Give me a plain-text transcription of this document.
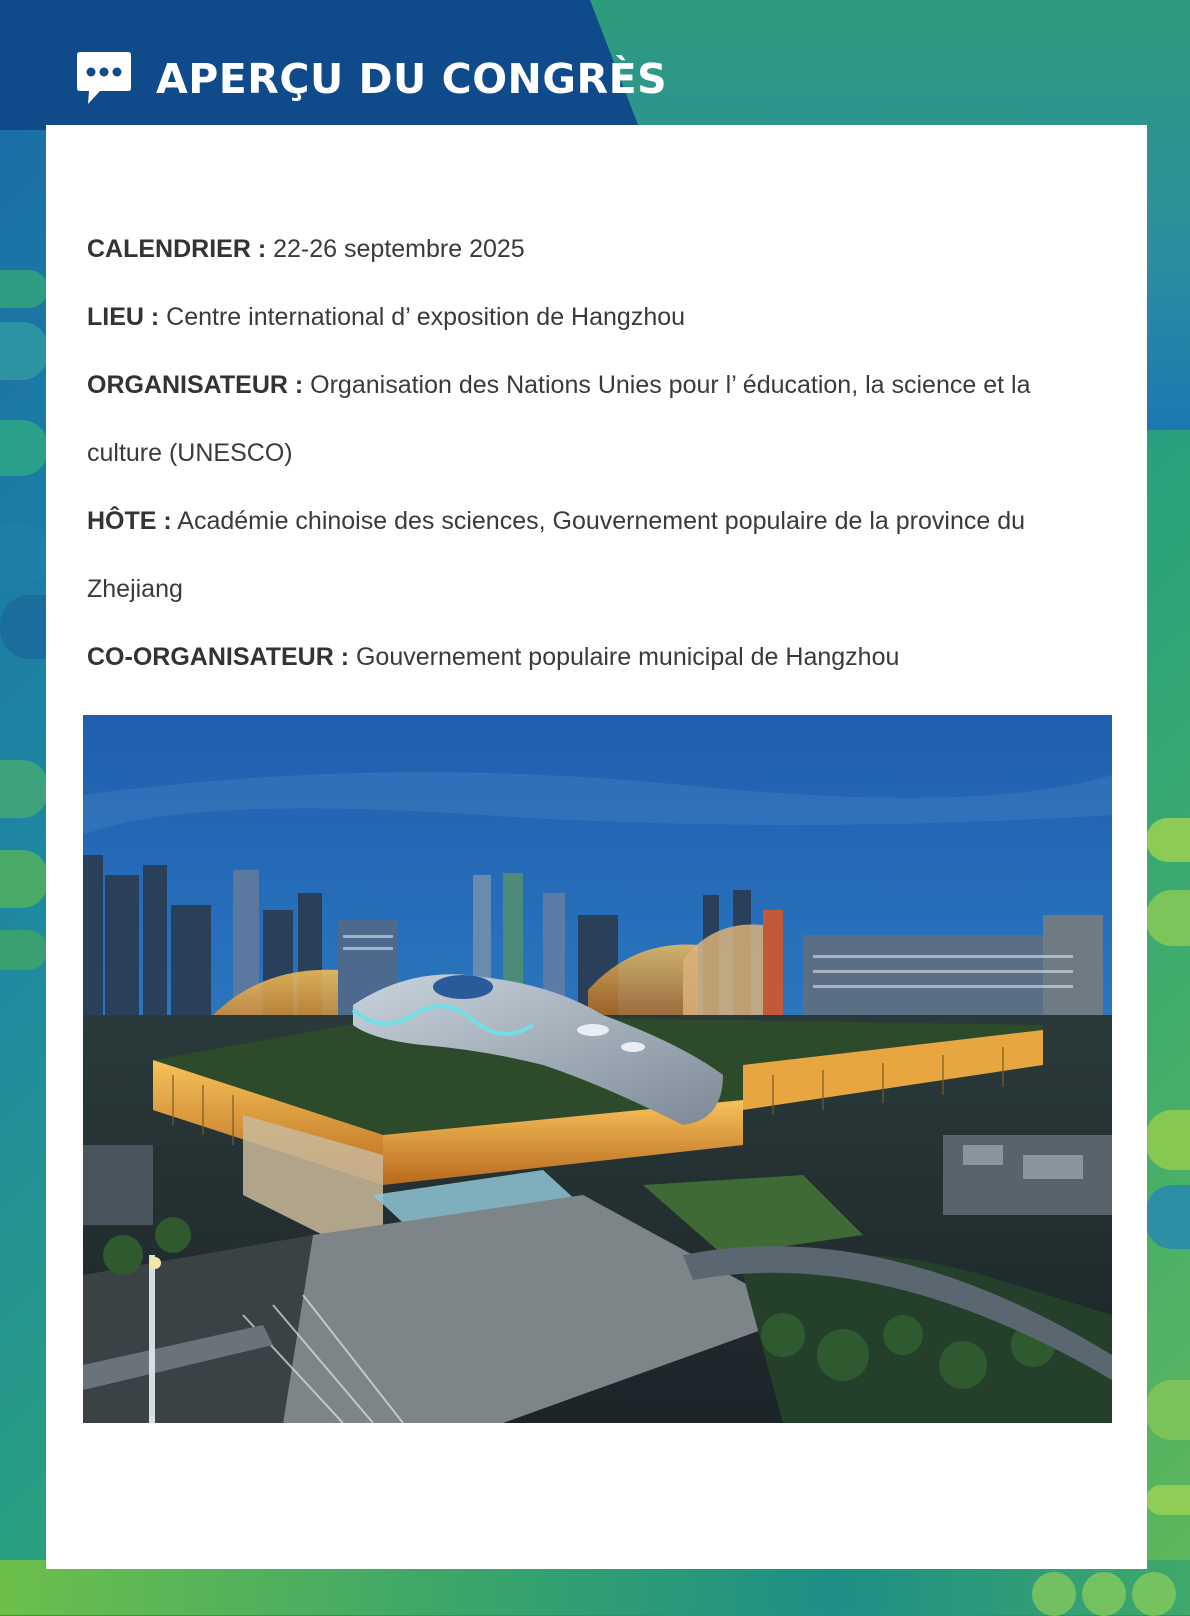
APERÇU DU CONGRÈS

CALENDRIER : 22-26 septembre 2025

LIEU : Centre international d’ exposition de Hangzhou

ORGANISATEUR : Organisation des Nations Unies pour l’ éducation, la science et la

culture (UNESCO)

HÔTE : Académie chinoise des sciences, Gouvernement populaire de la province du

Zhejiang

CO-ORGANISATEUR : Gouvernement populaire municipal de Hangzhou
